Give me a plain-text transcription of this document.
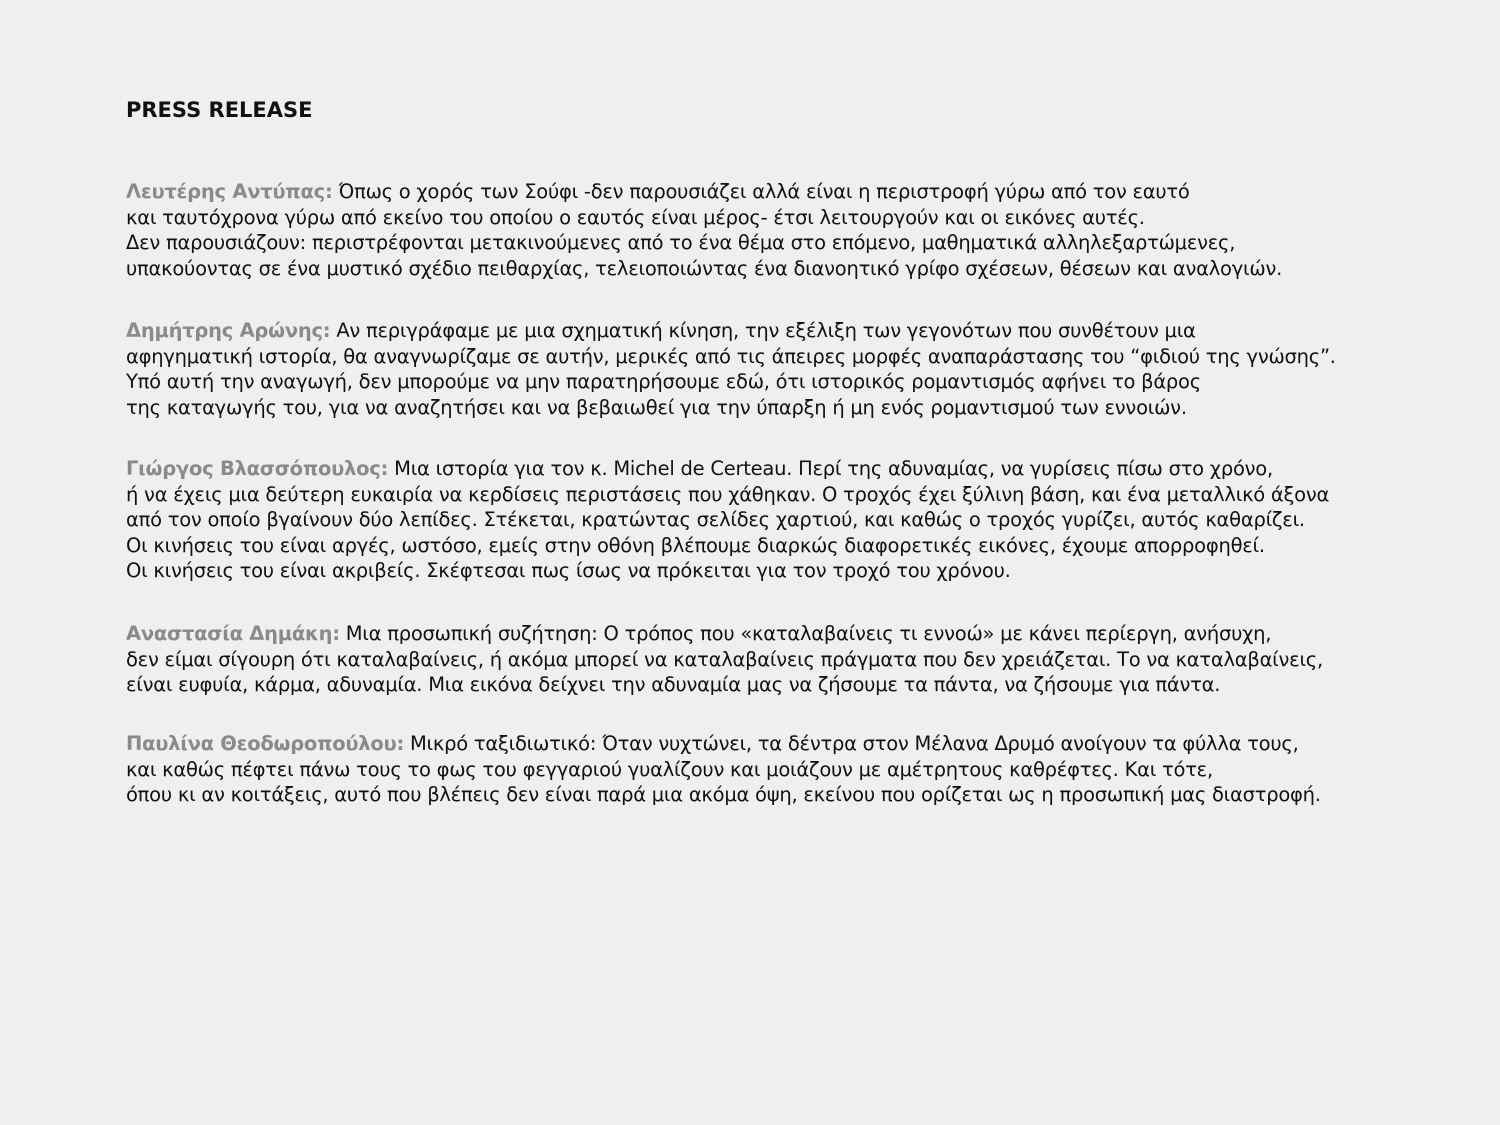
PRESS RELEASE

Λευτέρης Αντύπας: Όπως ο χορός των Σούφι -δεν παρουσιάζει αλλά είναι η περιστροφή γύρω από τον εαυτό
και ταυτόχρονα γύρω από εκείνο του οποίου ο εαυτός είναι μέρος- έτσι λειτουργούν και οι εικόνες αυτές.
Δεν παρουσιάζουν: περιστρέφονται μετακινούμενες από το ένα θέμα στο επόμενο, μαθηματικά αλληλεξαρτώμενες,
υπακούοντας σε ένα μυστικό σχέδιο πειθαρχίας, τελειοποιώντας ένα διανοητικό γρίφο σχέσεων, θέσεων και αναλογιών.

Δημήτρης Αρώνης: Αν περιγράφαμε με μια σχηματική κίνηση, την εξέλιξη των γεγονότων που συνθέτουν μια
αφηγηματική ιστορία, θα αναγνωρίζαμε σε αυτήν, μερικές από τις άπειρες μορφές αναπαράστασης του “φιδιού της γνώσης”.
Υπό αυτή την αναγωγή, δεν μπορούμε να μην παρατηρήσουμε εδώ, ότι ιστορικός ρομαντισμός αφήνει το βάρος
της καταγωγής του, για να αναζητήσει και να βεβαιωθεί για την ύπαρξη ή μη ενός ρομαντισμού των εννοιών.

Γιώργος Βλασσόπουλος: Μια ιστορία για τον κ. Michel de Certeau. Περί της αδυναμίας, να γυρίσεις πίσω στο χρόνο,
ή να έχεις μια δεύτερη ευκαιρία να κερδίσεις περιστάσεις που χάθηκαν. Ο τροχός έχει ξύλινη βάση, και ένα μεταλλικό άξονα
από τον οποίο βγαίνουν δύο λεπίδες. Στέκεται, κρατώντας σελίδες χαρτιού, και καθώς ο τροχός γυρίζει, αυτός καθαρίζει.
Οι κινήσεις του είναι αργές, ωστόσο, εμείς στην οθόνη βλέπουμε διαρκώς διαφορετικές εικόνες, έχουμε απορροφηθεί.
Οι κινήσεις του είναι ακριβείς. Σκέφτεσαι πως ίσως να πρόκειται για τον τροχό του χρόνου.

Αναστασία Δημάκη: Μια προσωπική συζήτηση: Ο τρόπος που «καταλαβαίνεις τι εννοώ» με κάνει περίεργη, ανήσυχη,
δεν είμαι σίγουρη ότι καταλαβαίνεις, ή ακόμα μπορεί να καταλαβαίνεις πράγματα που δεν χρειάζεται. Το να καταλαβαίνεις,
είναι ευφυία, κάρμα, αδυναμία. Μια εικόνα δείχνει την αδυναμία μας να ζήσουμε τα πάντα, να ζήσουμε για πάντα.

Παυλίνα Θεοδωροπούλου: Μικρό ταξιδιωτικό: Όταν νυχτώνει, τα δέντρα στον Μέλανα Δρυμό ανοίγουν τα φύλλα τους,
και καθώς πέφτει πάνω τους το φως του φεγγαριού γυαλίζουν και μοιάζουν με αμέτρητους καθρέφτες. Και τότε,
όπου κι αν κοιτάξεις, αυτό που βλέπεις δεν είναι παρά μια ακόμα όψη, εκείνου που ορίζεται ως η προσωπική μας διαστροφή.
